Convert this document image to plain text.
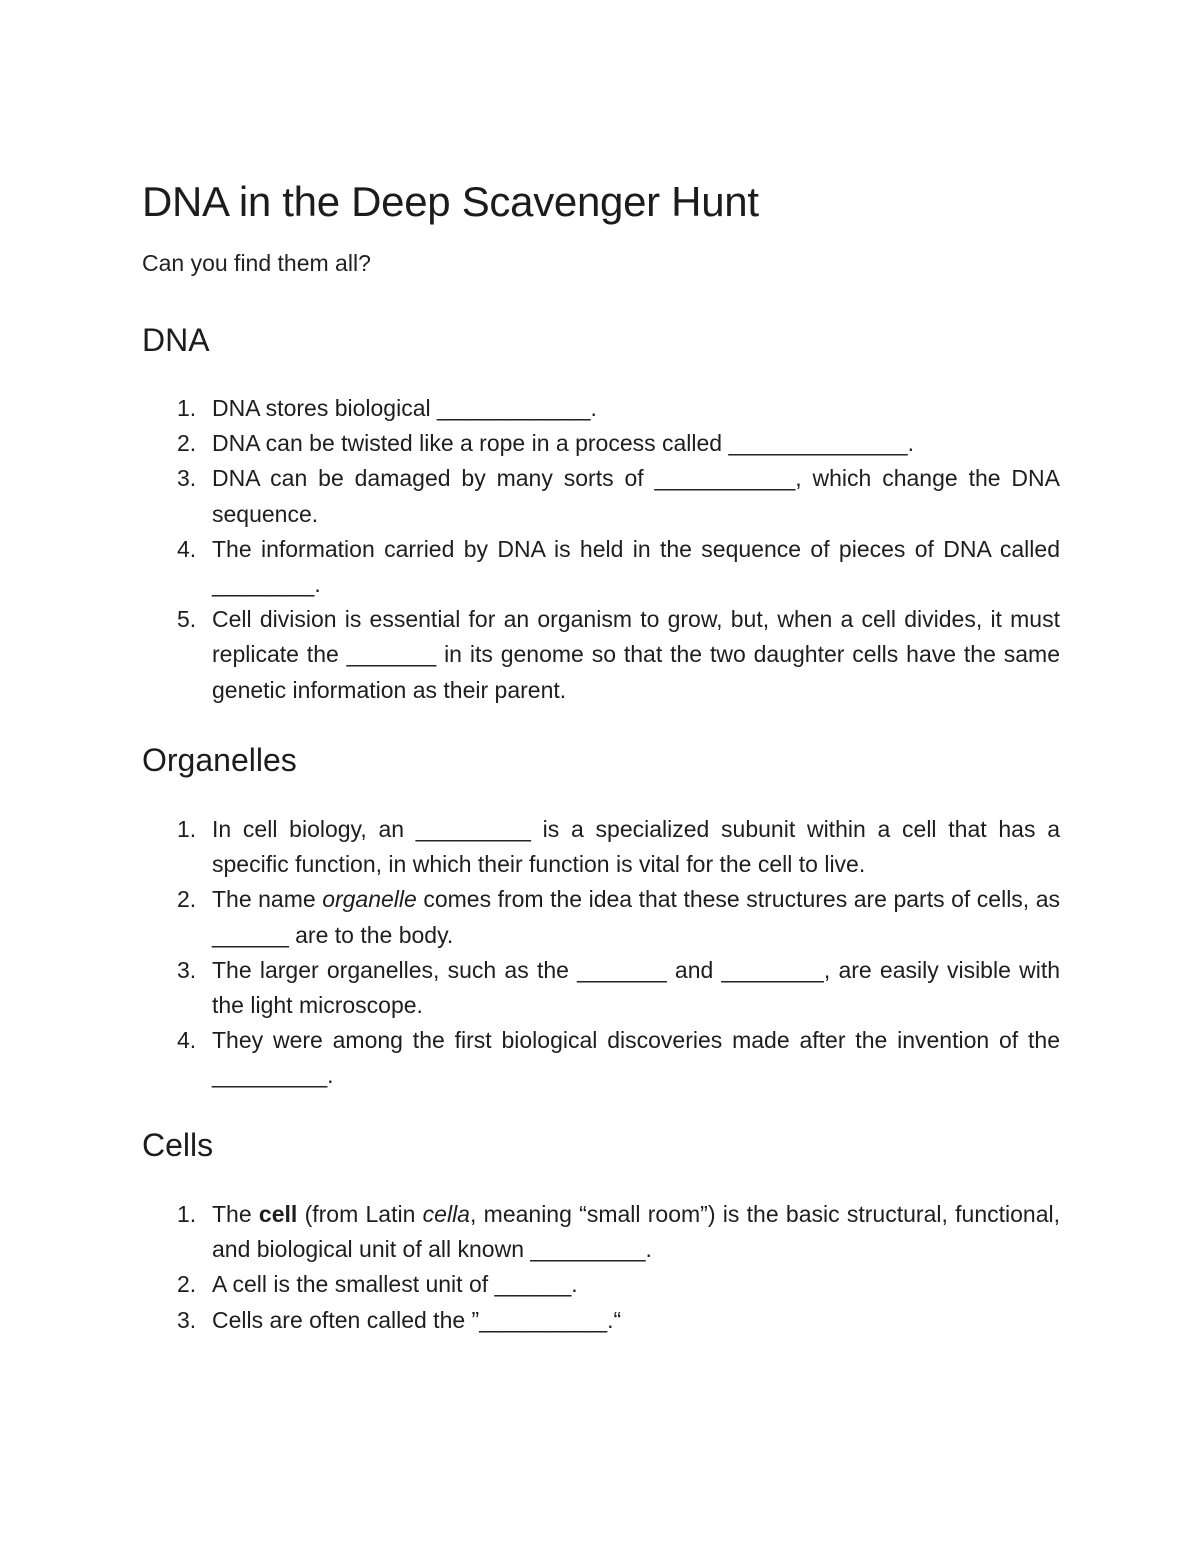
DNA in the Deep Scavenger Hunt

Can you find them all?

DNA
1. DNA stores biological ____________.
2. DNA can be twisted like a rope in a process called ______________.
3. DNA can be damaged by many sorts of ___________, which change the DNA sequence.
4. The information carried by DNA is held in the sequence of pieces of DNA called ________.
5. Cell division is essential for an organism to grow, but, when a cell divides, it must replicate the _______ in its genome so that the two daughter cells have the same genetic information as their parent.
Organelles
1. In cell biology, an _________ is a specialized subunit within a cell that has a specific function, in which their function is vital for the cell to live.
2. The name organelle comes from the idea that these structures are parts of cells, as ______ are to the body.
3. The larger organelles, such as the _______ and ________, are easily visible with the light microscope.
4. They were among the first biological discoveries made after the invention of the _________.
Cells
1. The cell (from Latin cella, meaning “small room”) is the basic structural, functional, and biological unit of all known _________.
2. A cell is the smallest unit of ______.
3. Cells are often called the ”__________.“
